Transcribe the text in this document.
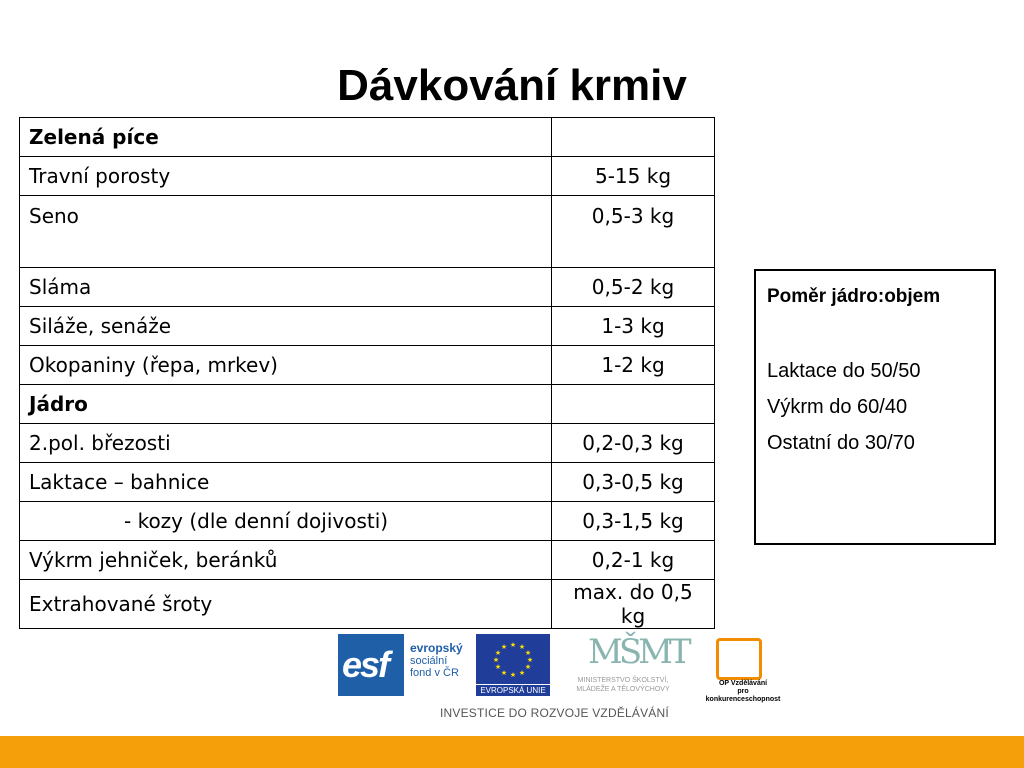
Dávkování krmiv
Zelená píce	
Travní porosty	5-15 kg
Seno	0,5-3 kg
Sláma	0,5-2 kg
Siláže, senáže	1-3 kg
Okopaniny (řepa, mrkev)	1-2 kg
Jádro	
2.pol. březosti	0,2-0,3 kg
Laktace – bahnice	0,3-0,5 kg
- kozy (dle denní dojivosti)	0,3-1,5 kg
Výkrm jehniček, beránků	0,2-1 kg
Extrahované šroty	max. do 0,5 kg
Poměr jádro:objem
Laktace do 50/50
Výkrm do 60/40
Ostatní do 30/70
esf evropský
sociální
fond v ČR
★ ★
★
★
★
★
★
★
★
★
★
★
EVROPSKÁ UNIE
MŠMT
MINISTERSTVO ŠKOLSTVÍ,
MLÁDEŽE A TĚLOVÝCHOVY
OP Vzdělávání
pro konkurenceschopnost
INVESTICE DO ROZVOJE VZDĚLÁVÁNÍ
